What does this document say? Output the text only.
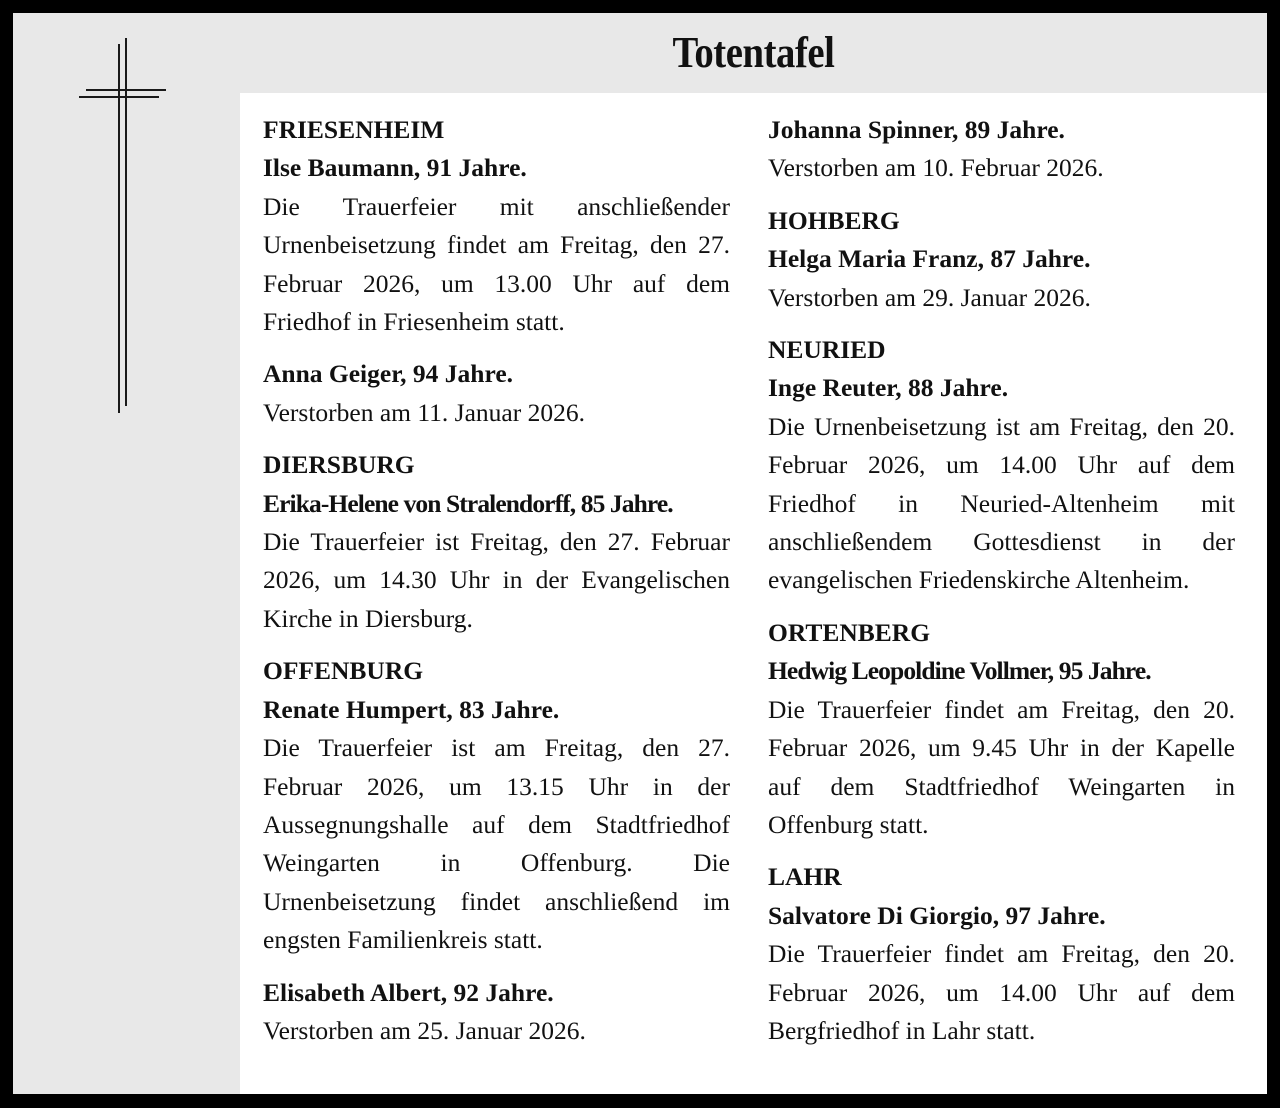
Totentafel

FRIESENHEIM

Ilse Baumann, 91 Jahre.

Die Trauerfeier mit anschließender Urnenbeisetzung findet am Freitag, den 27. Februar 2026, um 13.00 Uhr auf dem Friedhof in Friesenheim statt.

Anna Geiger, 94 Jahre.

Verstorben am 11. Januar 2026.

DIERSBURG

Erika-Helene von Stralendorff, 85 Jahre.

Die Trauerfeier ist Freitag, den 27. Februar 2026, um 14.30 Uhr in der Evangelischen Kirche in Diersburg.

OFFENBURG

Renate Humpert, 83 Jahre.

Die Trauerfeier ist am Freitag, den 27. Februar 2026, um 13.15 Uhr in der Aussegnungshalle auf dem Stadtfriedhof Weingarten in Offenburg. Die Urnenbeisetzung findet anschließend im engsten Familienkreis statt.

Elisabeth Albert, 92 Jahre.

Verstorben am 25. Januar 2026.

Johanna Spinner, 89 Jahre.

Verstorben am 10. Februar 2026.

HOHBERG

Helga Maria Franz, 87 Jahre.

Verstorben am 29. Januar 2026.

NEURIED

Inge Reuter, 88 Jahre.

Die Urnenbeisetzung ist am Freitag, den 20. Februar 2026, um 14.00 Uhr auf dem Friedhof in Neuried-Altenheim mit anschließendem Gottesdienst in der evangelischen Friedenskirche Altenheim.

ORTENBERG

Hedwig Leopoldine Vollmer, 95 Jahre.

Die Trauerfeier findet am Freitag, den 20. Februar 2026, um 9.45 Uhr in der Kapelle auf dem Stadtfriedhof Weingarten in Offenburg statt.

LAHR

Salvatore Di Giorgio, 97 Jahre.

Die Trauerfeier findet am Freitag, den 20. Februar 2026, um 14.00 Uhr auf dem Bergfriedhof in Lahr statt.
